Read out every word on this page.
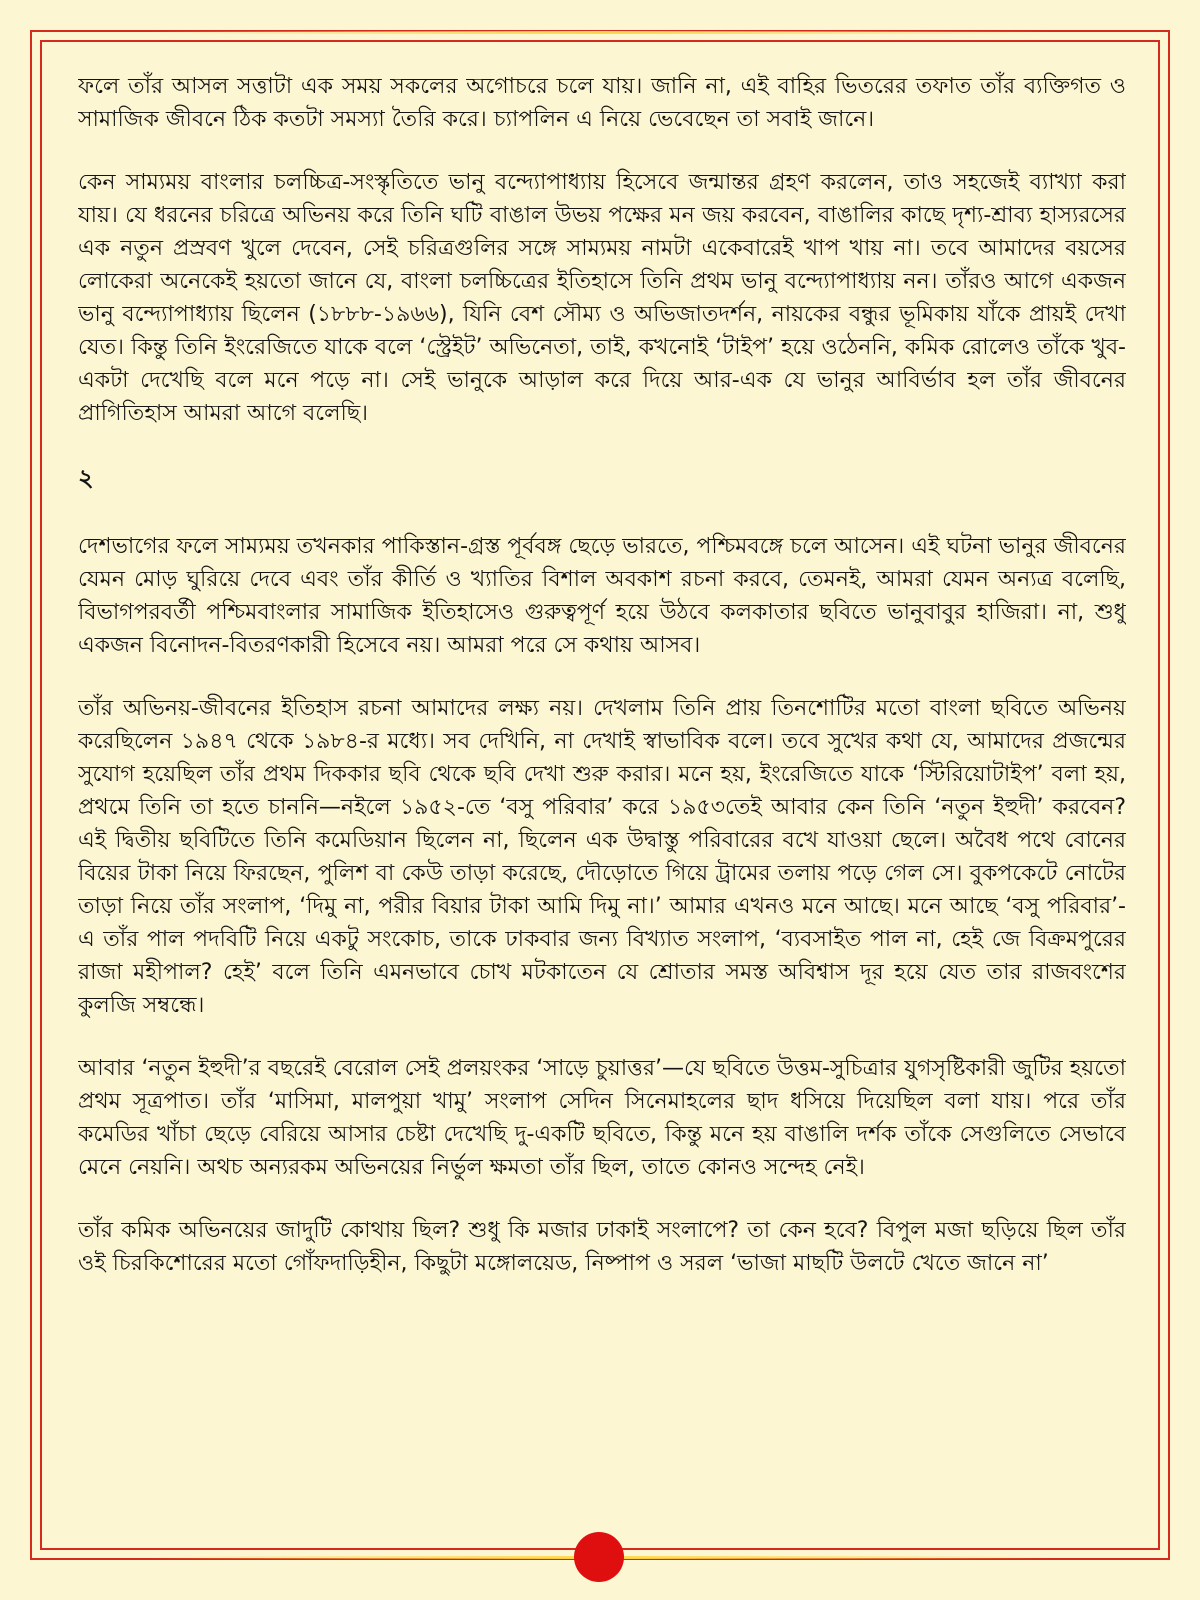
ফলে তাঁর আসল সত্তাটা এক সময় সকলের অগোচরে চলে যায়। জানি না, এই বাহির ভিতরের তফাত তাঁর ব্যক্তিগত ও সামাজিক জীবনে ঠিক কতটা সমস্যা তৈরি করে। চ্যাপলিন এ নিয়ে ভেবেছেন তা সবাই জানে।

কেন সাম্যময় বাংলার চলচ্চিত্র-সংস্কৃতিতে ভানু বন্দ্যোপাধ্যায় হিসেবে জন্মান্তর গ্রহণ করলেন, তাও সহজেই ব্যাখ্যা করা যায়। যে ধরনের চরিত্রে অভিনয় করে তিনি ঘটি বাঙাল উভয় পক্ষের মন জয় করবেন, বাঙালির কাছে দৃশ্য-শ্রাব্য হাস্যরসের এক নতুন প্রস্রবণ খুলে দেবেন, সেই চরিত্রগুলির সঙ্গে সাম্যময় নামটা একেবারেই খাপ খায় না। তবে আমাদের বয়সের লোকেরা অনেকেই হয়তো জানে যে, বাংলা চলচ্চিত্রের ইতিহাসে তিনি প্রথম ভানু বন্দ্যোপাধ্যায় নন। তাঁরও আগে একজন ভানু বন্দ্যোপাধ্যায় ছিলেন (১৮৮৮-১৯৬৬), যিনি বেশ সৌম্য ও অভিজাতদর্শন, নায়কের বন্ধুর ভূমিকায় যাঁকে প্রায়ই দেখা যেত। কিন্তু তিনি ইংরেজিতে যাকে বলে ‘স্ট্রেইট’ অভিনেতা, তাই, কখনোই ‘টাইপ’ হয়ে ওঠেননি, কমিক রোলেও তাঁকে খুব-একটা দেখেছি বলে মনে পড়ে না। সেই ভানুকে আড়াল করে দিয়ে আর-এক যে ভানুর আবির্ভাব হল তাঁর জীবনের প্রাগিতিহাস আমরা আগে বলেছি।

২

দেশভাগের ফলে সাম্যময় তখনকার পাকিস্তান-গ্রস্ত পূর্ববঙ্গ ছেড়ে ভারতে, পশ্চিমবঙ্গে চলে আসেন। এই ঘটনা ভানুর জীবনের যেমন মোড় ঘুরিয়ে দেবে এবং তাঁর কীর্তি ও খ্যাতির বিশাল অবকাশ রচনা করবে, তেমনই, আমরা যেমন অন্যত্র বলেছি, বিভাগপরবর্তী পশ্চিমবাংলার সামাজিক ইতিহাসেও গুরুত্বপূর্ণ হয়ে উঠবে কলকাতার ছবিতে ভানুবাবুর হাজিরা। না, শুধু একজন বিনোদন-বিতরণকারী হিসেবে নয়। আমরা পরে সে কথায় আসব।

তাঁর অভিনয়-জীবনের ইতিহাস রচনা আমাদের লক্ষ্য নয়। দেখলাম তিনি প্রায় তিনশোটির মতো বাংলা ছবিতে অভিনয় করেছিলেন ১৯৪৭ থেকে ১৯৮৪-র মধ্যে। সব দেখিনি, না দেখাই স্বাভাবিক বলে। তবে সুখের কথা যে, আমাদের প্রজন্মের সুযোগ হয়েছিল তাঁর প্রথম দিককার ছবি থেকে ছবি দেখা শুরু করার। মনে হয়, ইংরেজিতে যাকে ‘স্টিরিয়োটাইপ’ বলা হয়, প্রথমে তিনি তা হতে চাননি—নইলে ১৯৫২-তে ‘বসু পরিবার’ করে ১৯৫৩তেই আবার কেন তিনি ‘নতুন ইহুদী’ করবেন? এই দ্বিতীয় ছবিটিতে তিনি কমেডিয়ান ছিলেন না, ছিলেন এক উদ্বাস্তু পরিবারের বখে যাওয়া ছেলে। অবৈধ পথে বোনের বিয়ের টাকা নিয়ে ফিরছেন, পুলিশ বা কেউ তাড়া করেছে, দৌড়োতে গিয়ে ট্রামের তলায় পড়ে গেল সে। বুকপকেটে নোটের তাড়া নিয়ে তাঁর সংলাপ, ‘দিমু না, পরীর বিয়ার টাকা আমি দিমু না।’ আমার এখনও মনে আছে। মনে আছে ‘বসু পরিবার’-এ তাঁর পাল পদবিটি নিয়ে একটু সংকোচ, তাকে ঢাকবার জন্য বিখ্যাত সংলাপ, ‘ব্যবসাইত পাল না, হেই জে বিক্রমপুরের রাজা মহীপাল? হেই’ বলে তিনি এমনভাবে চোখ মটকাতেন যে শ্রোতার সমস্ত অবিশ্বাস দূর হয়ে যেত তার রাজবংশের কুলজি সম্বন্ধে।

আবার ‘নতুন ইহুদী’র বছরেই বেরোল সেই প্রলয়ংকর ‘সাড়ে চুয়াত্তর’—যে ছবিতে উত্তম-সুচিত্রার যুগসৃষ্টিকারী জুটির হয়তো প্রথম সূত্রপাত। তাঁর ‘মাসিমা, মালপুয়া খামু’ সংলাপ সেদিন সিনেমাহলের ছাদ ধসিয়ে দিয়েছিল বলা যায়। পরে তাঁর কমেডির খাঁচা ছেড়ে বেরিয়ে আসার চেষ্টা দেখেছি দু-একটি ছবিতে, কিন্তু মনে হয় বাঙালি দর্শক তাঁকে সেগুলিতে সেভাবে মেনে নেয়নি। অথচ অন্যরকম অভিনয়ের নির্ভুল ক্ষমতা তাঁর ছিল, তাতে কোনও সন্দেহ নেই।

তাঁর কমিক অভিনয়ের জাদুটি কোথায় ছিল? শুধু কি মজার ঢাকাই সংলাপে? তা কেন হবে? বিপুল মজা ছড়িয়ে ছিল তাঁর ওই চিরকিশোরের মতো গোঁফদাড়িহীন, কিছুটা মঙ্গোলয়েড, নিষ্পাপ ও সরল ‘ভাজা মাছটি উলটে খেতে জানে না’
